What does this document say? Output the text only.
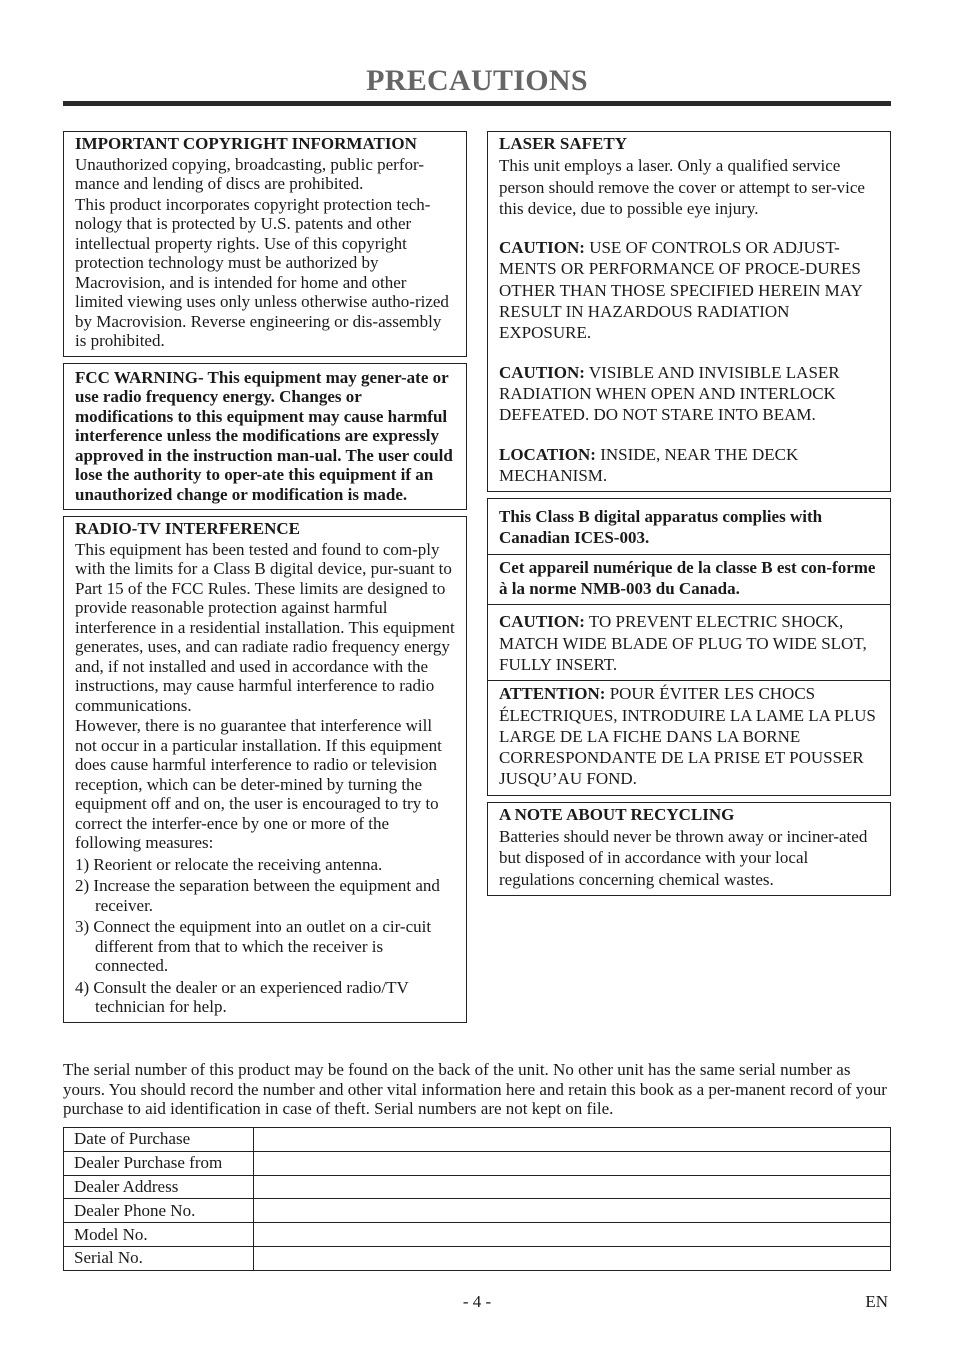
PRECAUTIONS
IMPORTANT COPYRIGHT INFORMATION

Unauthorized copying, broadcasting, public perfor-mance and lending of discs are prohibited.

This product incorporates copyright protection tech-nology that is protected by U.S. patents and other intellectual property rights. Use of this copyright protection technology must be authorized by Macrovision, and is intended for home and other limited viewing uses only unless otherwise autho-rized by Macrovision. Reverse engineering or dis-assembly is prohibited.

FCC WARNING- This equipment may gener-ate or use radio frequency energy. Changes or modifications to this equipment may cause harmful interference unless the modifications are expressly approved in the instruction man-ual. The user could lose the authority to oper-ate this equipment if an unauthorized change or modification is made.

RADIO-TV INTERFERENCE

This equipment has been tested and found to com-ply with the limits for a Class B digital device, pur-suant to Part 15 of the FCC Rules. These limits are designed to provide reasonable protection against harmful interference in a residential installation. This equipment generates, uses, and can radiate radio frequency energy and, if not installed and used in accordance with the instructions, may cause harmful interference to radio communications.

However, there is no guarantee that interference will not occur in a particular installation. If this equipment does cause harmful interference to radio or television reception, which can be deter-mined by turning the equipment off and on, the user is encouraged to try to correct the interfer-ence by one or more of the following measures:

1) Reorient or relocate the receiving antenna.
2) Increase the separation between the equipment and receiver.
3) Connect the equipment into an outlet on a cir-cuit different from that to which the receiver is connected.
4) Consult the dealer or an experienced radio/TV technician for help.
LASER SAFETY

This unit employs a laser. Only a qualified service person should remove the cover or attempt to ser-vice this device, due to possible eye injury.

CAUTION: USE OF CONTROLS OR ADJUST-MENTS OR PERFORMANCE OF PROCE-DURES OTHER THAN THOSE SPECIFIED HEREIN MAY RESULT IN HAZARDOUS RADIATION EXPOSURE.

CAUTION: VISIBLE AND INVISIBLE LASER RADIATION WHEN OPEN AND INTERLOCK DEFEATED. DO NOT STARE INTO BEAM.

LOCATION: INSIDE, NEAR THE DECK MECHANISM.

This Class B digital apparatus complies with Canadian ICES-003.

Cet appareil numérique de la classe B est con-forme à la norme NMB-003 du Canada.

CAUTION: TO PREVENT ELECTRIC SHOCK, MATCH WIDE BLADE OF PLUG TO WIDE SLOT, FULLY INSERT.

ATTENTION: POUR ÉVITER LES CHOCS ÉLECTRIQUES, INTRODUIRE LA LAME LA PLUS LARGE DE LA FICHE DANS LA BORNE CORRESPONDANTE DE LA PRISE ET POUSSER JUSQU’AU FOND.

A NOTE ABOUT RECYCLING

Batteries should never be thrown away or inciner-ated but disposed of in accordance with your local regulations concerning chemical wastes.

The serial number of this product may be found on the back of the unit. No other unit has the same serial number as yours. You should record the number and other vital information here and retain this book as a per-manent record of your purchase to aid identification in case of theft. Serial numbers are not kept on file.
Date of Purchase	
Dealer Purchase from	
Dealer Address	
Dealer Phone No.	
Model No.	
Serial No.	
- 4 -	EN
